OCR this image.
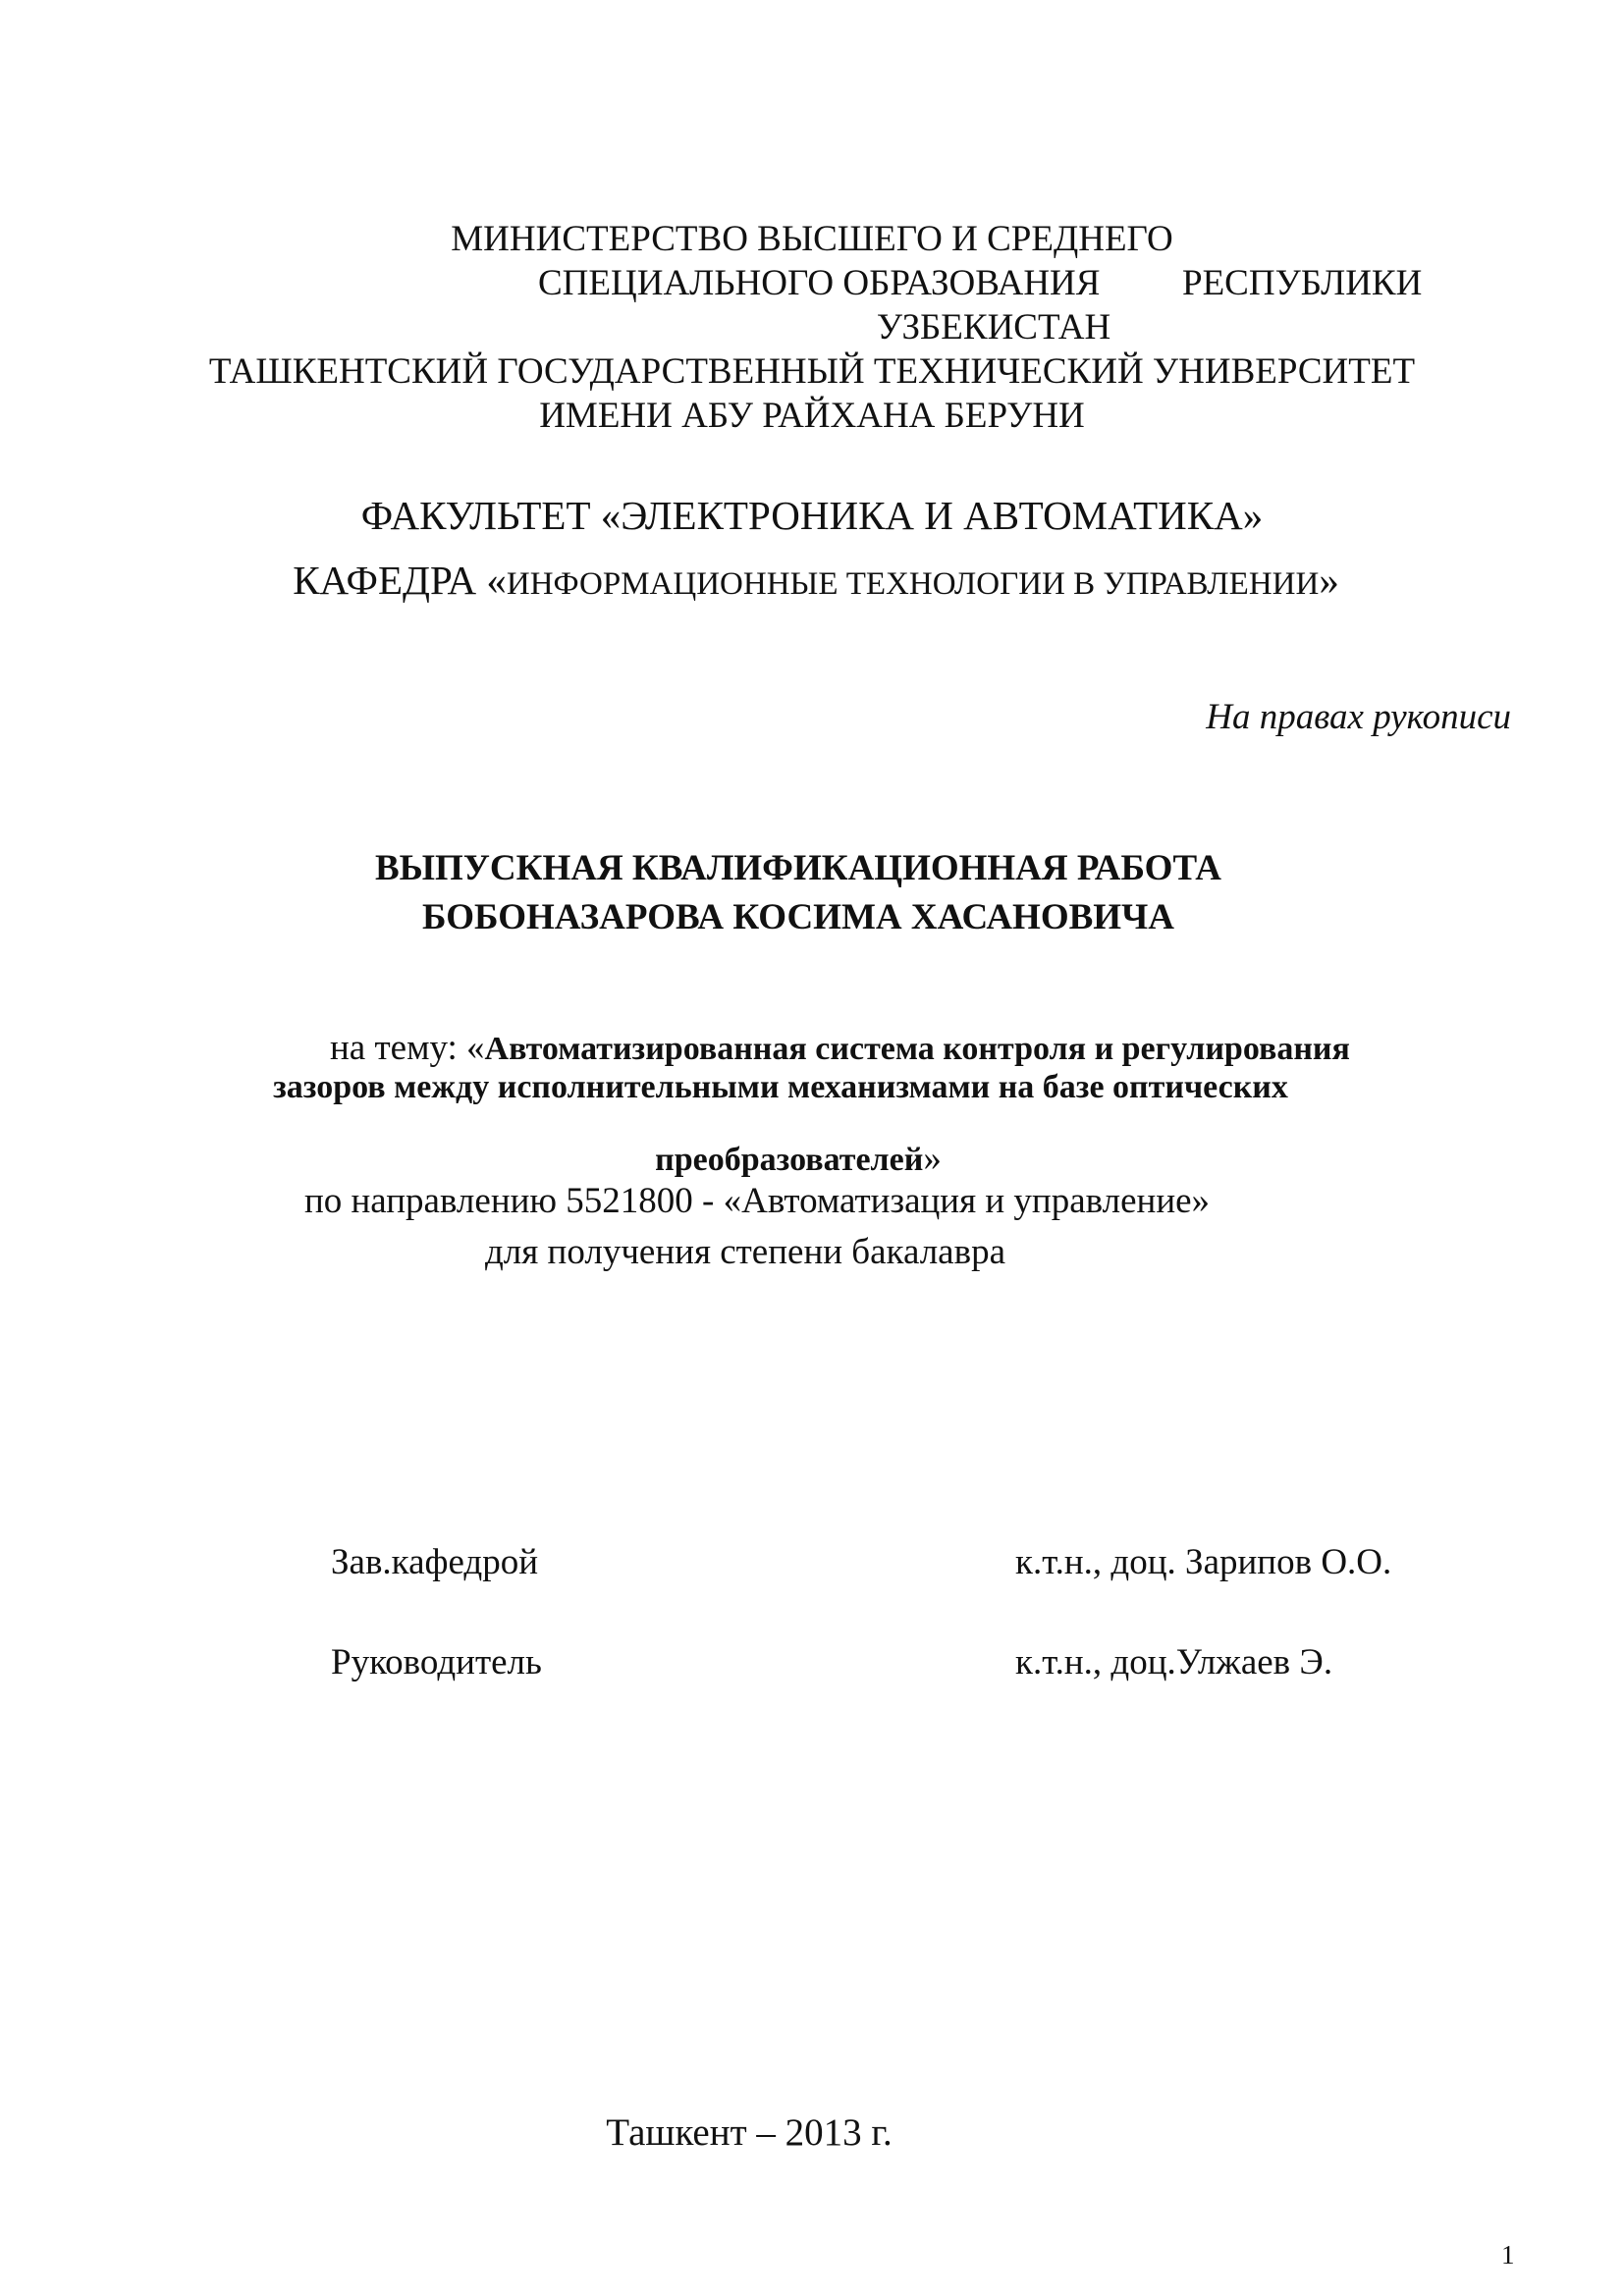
МИНИСТЕРСТВО ВЫСШЕГО И СРЕДНЕГО
СПЕЦИАЛЬНОГО ОБРАЗОВАНИЯ РЕСПУБЛИКИ
УЗБЕКИСТАН
ТАШКЕНТСКИЙ ГОСУДАРСТВЕННЫЙ ТЕХНИЧЕСКИЙ УНИВЕРСИТЕТ
ИМЕНИ АБУ РАЙХАНА БЕРУНИ
ФАКУЛЬТЕТ «ЭЛЕКТРОНИКА И АВТОМАТИКА»

КАФЕДРА «ИНФОРМАЦИОННЫЕ ТЕХНОЛОГИИ В УПРАВЛЕНИИ»

На правах рукописи
ВЫПУСКНАЯ КВАЛИФИКАЦИОННАЯ РАБОТА
БОБОНАЗАРОВА КОСИМА ХАСАНОВИЧА

на тему: «Автоматизированная система контроля и регулирования

зазоров между исполнительными механизмами на базе оптических

преобразователей»

по направлению 5521800 - «Автоматизация и управление»
для получения степени бакалавра
Зав.кафедрой	к.т.н., доц. Зарипов О.О.
Руководитель	к.т.н., доц.Улжаев Э.
Ташкент – 2013 г.
1
